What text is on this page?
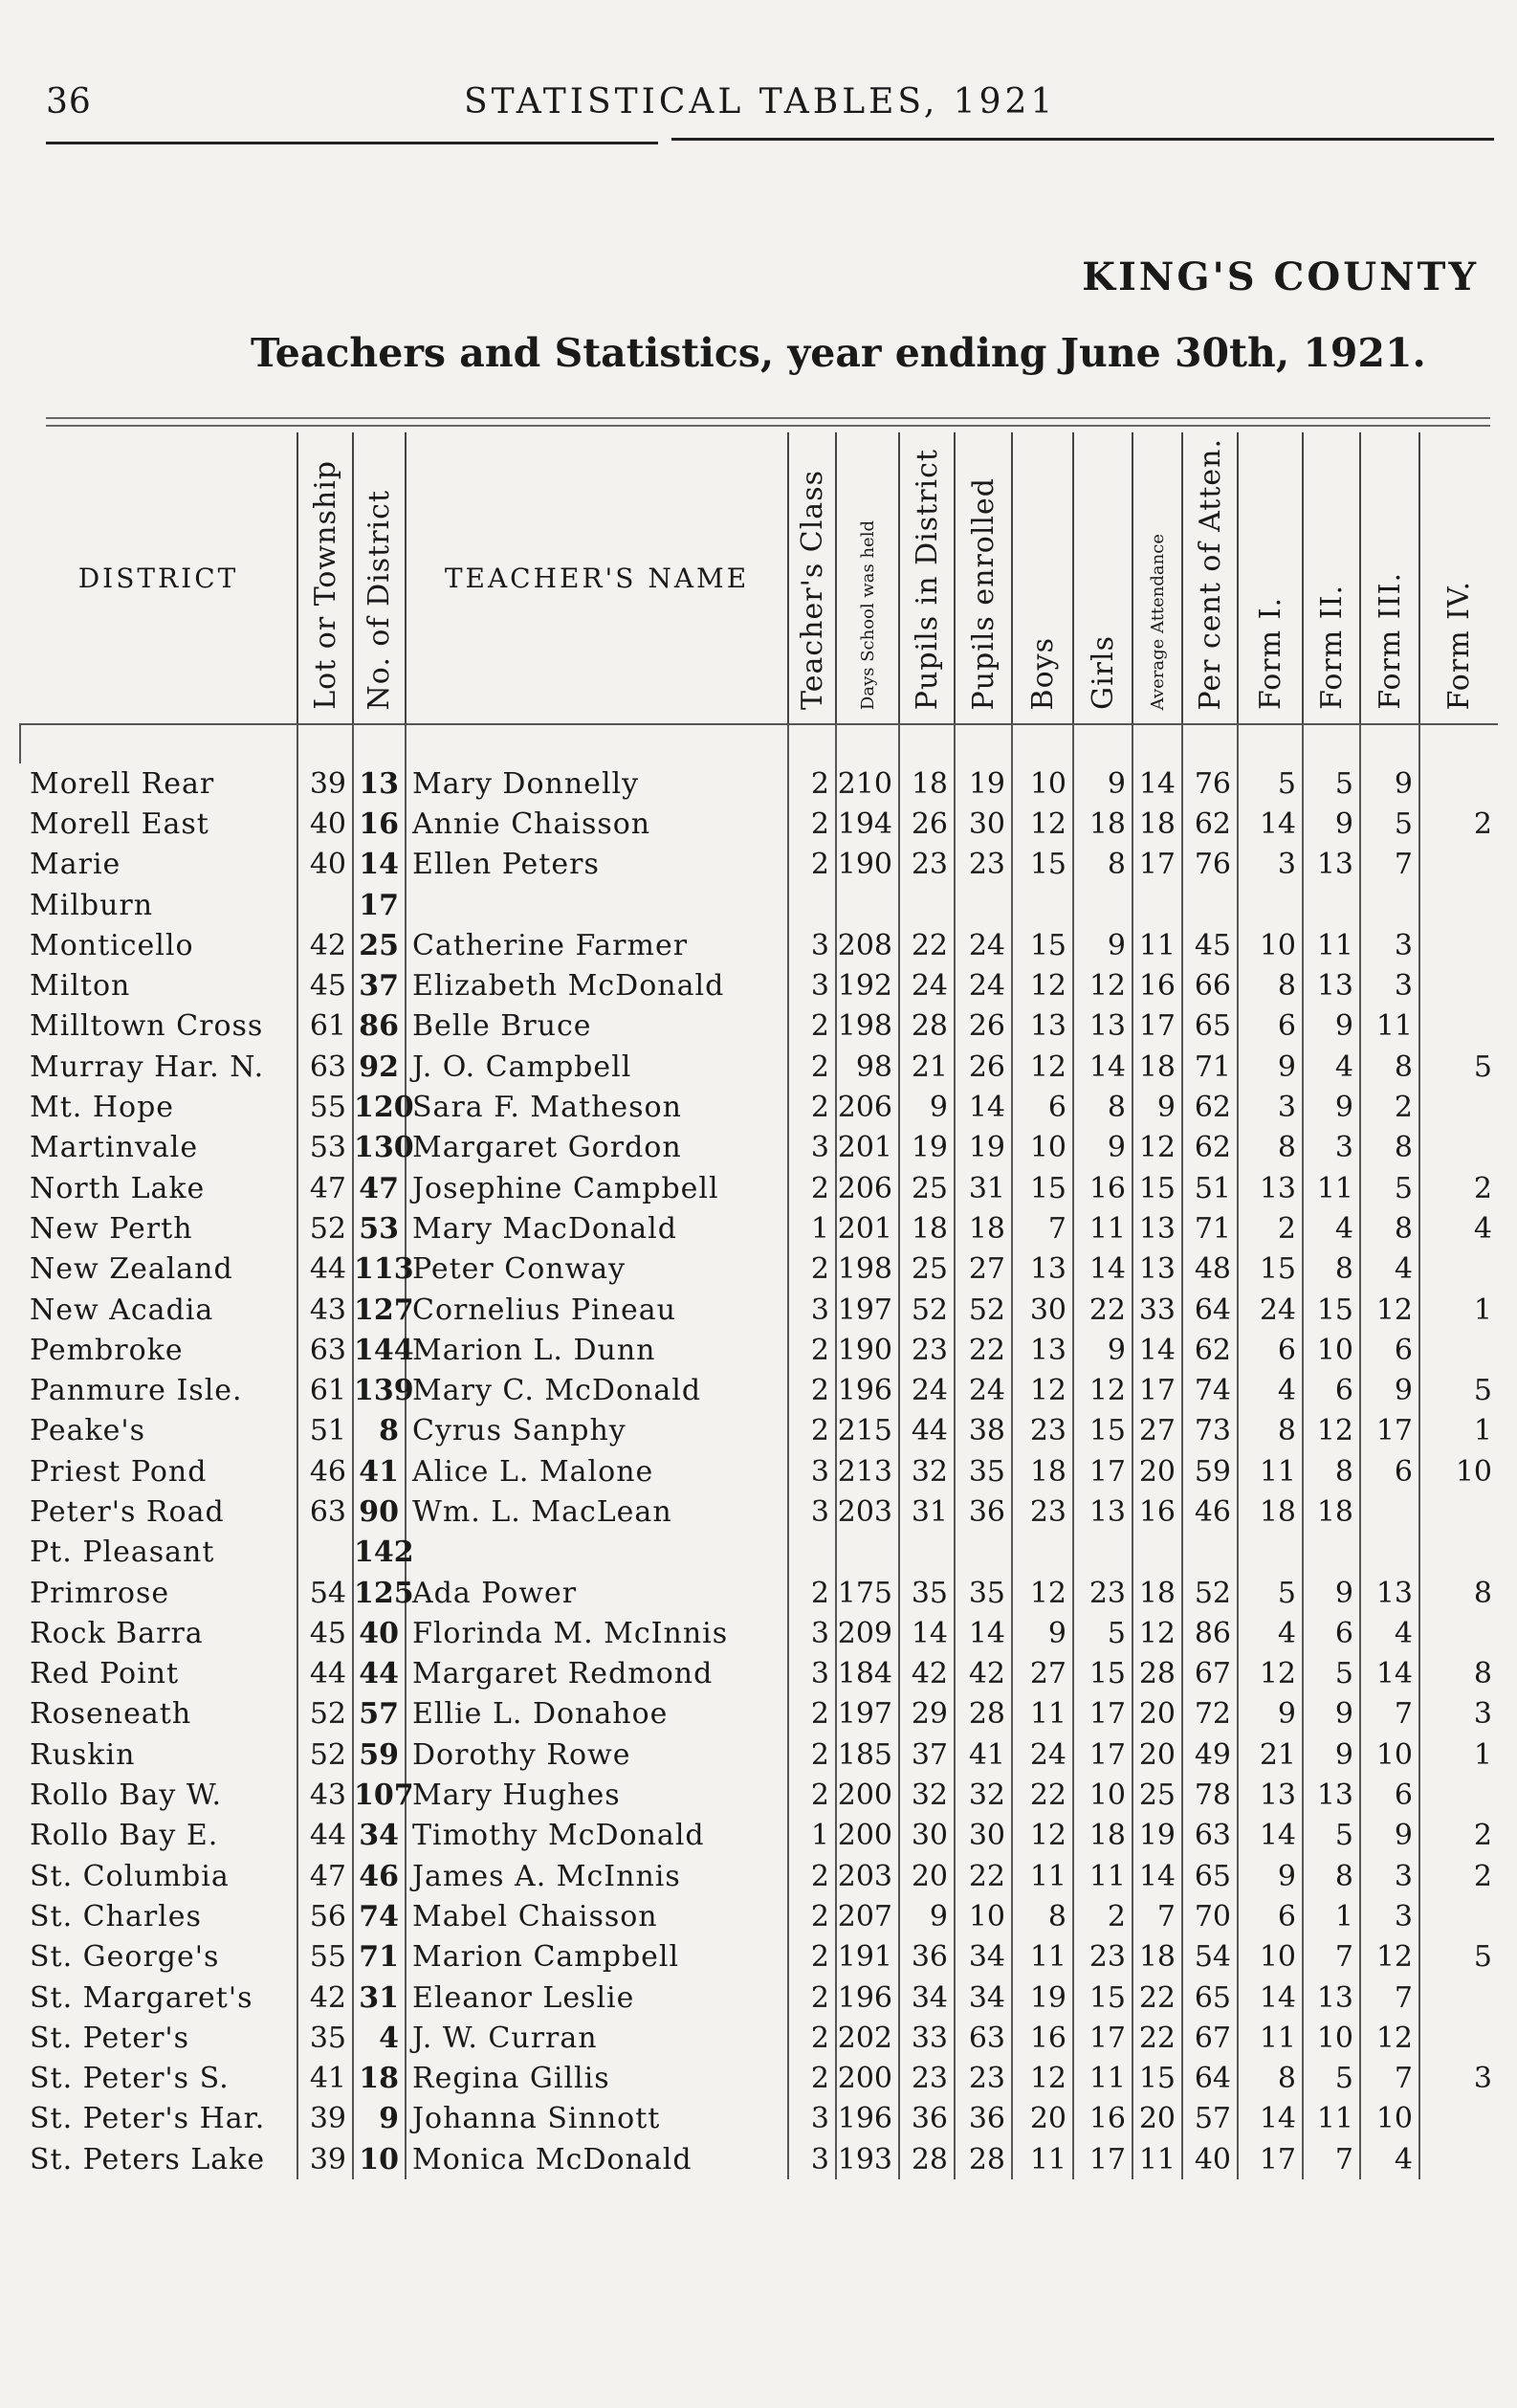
36	STATISTICAL TABLES, 1921
KING'S COUNTY
Teachers and Statistics, year ending June 30th, 1921.
DISTRICT	Lot or Township	No. of District	TEACHER'S NAME	Teacher's Class	Days School was held	Pupils in District	Pupils enrolled	Boys	Girls	Average Attendance	Per cent of Atten.	Form I.	Form II.	Form III.	Form IV.

Morell Rear	39	13	Mary Donnelly	2	210	18	19	10	9	14	76	5	5	9	
Morell East	40	16	Annie Chaisson	2	194	26	30	12	18	18	62	14	9	5	2
Marie	40	14	Ellen Peters	2	190	23	23	15	8	17	76	3	13	7	
Milburn		17													
Monticello	42	25	Catherine Farmer	3	208	22	24	15	9	11	45	10	11	3	
Milton	45	37	Elizabeth McDonald	3	192	24	24	12	12	16	66	8	13	3	
Milltown Cross	61	86	Belle Bruce	2	198	28	26	13	13	17	65	6	9	11	
Murray Har. N.	63	92	J. O. Campbell	2	98	21	26	12	14	18	71	9	4	8	5
Mt. Hope	55	120	Sara F. Matheson	2	206	9	14	6	8	9	62	3	9	2	
Martinvale	53	130	Margaret Gordon	3	201	19	19	10	9	12	62	8	3	8	
North Lake	47	47	Josephine Campbell	2	206	25	31	15	16	15	51	13	11	5	2
New Perth	52	53	Mary MacDonald	1	201	18	18	7	11	13	71	2	4	8	4
New Zealand	44	113	Peter Conway	2	198	25	27	13	14	13	48	15	8	4	
New Acadia	43	127	Cornelius Pineau	3	197	52	52	30	22	33	64	24	15	12	1
Pembroke	63	144	Marion L. Dunn	2	190	23	22	13	9	14	62	6	10	6	
Panmure Isle.	61	139	Mary C. McDonald	2	196	24	24	12	12	17	74	4	6	9	5
Peake's	51	8	Cyrus Sanphy	2	215	44	38	23	15	27	73	8	12	17	1
Priest Pond	46	41	Alice L. Malone	3	213	32	35	18	17	20	59	11	8	6	10
Peter's Road	63	90	Wm. L. MacLean	3	203	31	36	23	13	16	46	18	18		
Pt. Pleasant		142													
Primrose	54	125	Ada Power	2	175	35	35	12	23	18	52	5	9	13	8
Rock Barra	45	40	Florinda M. McInnis	3	209	14	14	9	5	12	86	4	6	4	
Red Point	44	44	Margaret Redmond	3	184	42	42	27	15	28	67	12	5	14	8
Roseneath	52	57	Ellie L. Donahoe	2	197	29	28	11	17	20	72	9	9	7	3
Ruskin	52	59	Dorothy Rowe	2	185	37	41	24	17	20	49	21	9	10	1
Rollo Bay W.	43	107	Mary Hughes	2	200	32	32	22	10	25	78	13	13	6	
Rollo Bay E.	44	34	Timothy McDonald	1	200	30	30	12	18	19	63	14	5	9	2
St. Columbia	47	46	James A. McInnis	2	203	20	22	11	11	14	65	9	8	3	2
St. Charles	56	74	Mabel Chaisson	2	207	9	10	8	2	7	70	6	1	3	
St. George's	55	71	Marion Campbell	2	191	36	34	11	23	18	54	10	7	12	5
St. Margaret's	42	31	Eleanor Leslie	2	196	34	34	19	15	22	65	14	13	7	
St. Peter's	35	4	J. W. Curran	2	202	33	63	16	17	22	67	11	10	12	
St. Peter's S.	41	18	Regina Gillis	2	200	23	23	12	11	15	64	8	5	7	3
St. Peter's Har.	39	9	Johanna Sinnott	3	196	36	36	20	16	20	57	14	11	10	
St. Peters Lake	39	10	Monica McDonald	3	193	28	28	11	17	11	40	17	7	4	
